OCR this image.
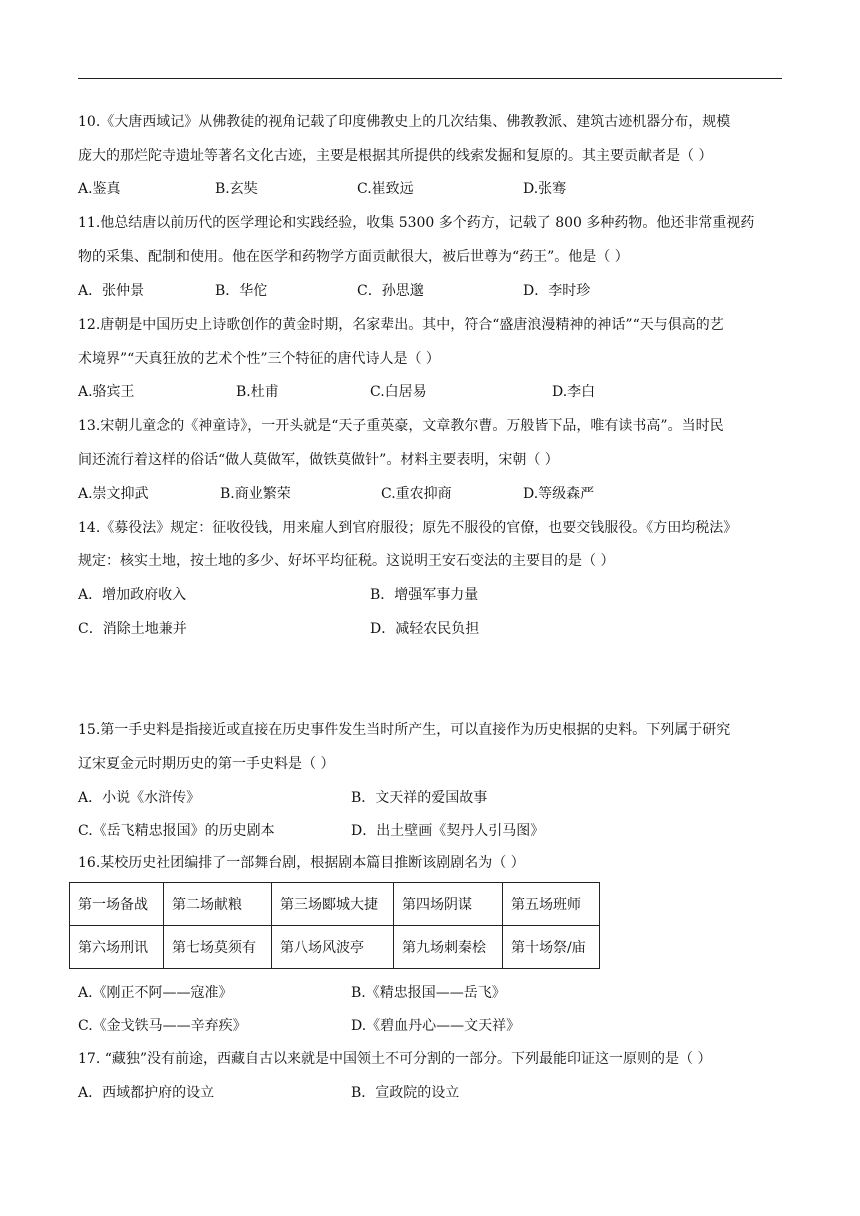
10.《大唐西域记》从佛教徒的视角记载了印度佛教史上的几次结集、佛教教派、建筑古迹机器分布，规模
庞大的那烂陀寺遗址等著名文化古迹，主要是根据其所提供的线索发掘和复原的。其主要贡献者是（ ）
A.鉴真	B.玄奘	C.崔致远	D.张骞
11.他总结唐以前历代的医学理论和实践经验，收集 5300 多个药方，记载了 800 多种药物。他还非常重视药
物的采集、配制和使用。他在医学和药物学方面贡献很大，被后世尊为“药王”。他是（ ）
A．张仲景	B．华佗	C．孙思邈	D．李时珍
12.唐朝是中国历史上诗歌创作的黄金时期，名家辈出。其中，符合“盛唐浪漫精神的神话”“天与俱高的艺
术境界”“天真狂放的艺术个性”三个特征的唐代诗人是（ ）
A.骆宾王	B.杜甫	C.白居易	D.李白
13.宋朝儿童念的《神童诗》，一开头就是“天子重英豪，文章教尔曹。万般皆下品，唯有读书高”。当时民
间还流行着这样的俗话“做人莫做军，做铁莫做针”。材料主要表明，宋朝（ ）
A.崇文抑武	B.商业繁荣	C.重农抑商	D.等级森严
14.《募役法》规定：征收役钱，用来雇人到官府服役；原先不服役的官僚，也要交钱服役。《方田均税法》
规定：核实土地，按土地的多少、好坏平均征税。这说明王安石变法的主要目的是（ ）
A．增加政府收入	B．增强军事力量
C．消除土地兼并	D．减轻农民负担
15.第一手史料是指接近或直接在历史事件发生当时所产生，可以直接作为历史根据的史料。下列属于研究
辽宋夏金元时期历史的第一手史料是（ ）
A．小说《水浒传》	B．文天祥的爱国故事
C.《岳飞精忠报国》的历史剧本	D．出土壁画《契丹人引马图》
16.某校历史社团编排了一部舞台剧，根据剧本篇目推断该剧剧名为（ ）
第一场备战	第二场献粮	第三场郾城大捷	第四场阴谋	第五场班师
第六场刑讯	第七场莫须有	第八场风波亭	第九场刺秦桧	第十场祭/庙
A.《刚正不阿——寇准》	B.《精忠报国——岳飞》
C.《金戈铁马——辛弃疾》	D.《碧血丹心——文天祥》
17. “藏独”没有前途，西藏自古以来就是中国领土不可分割的一部分。下列最能印证这一原则的是（ ）
A．西域都护府的设立	B．宣政院的设立
